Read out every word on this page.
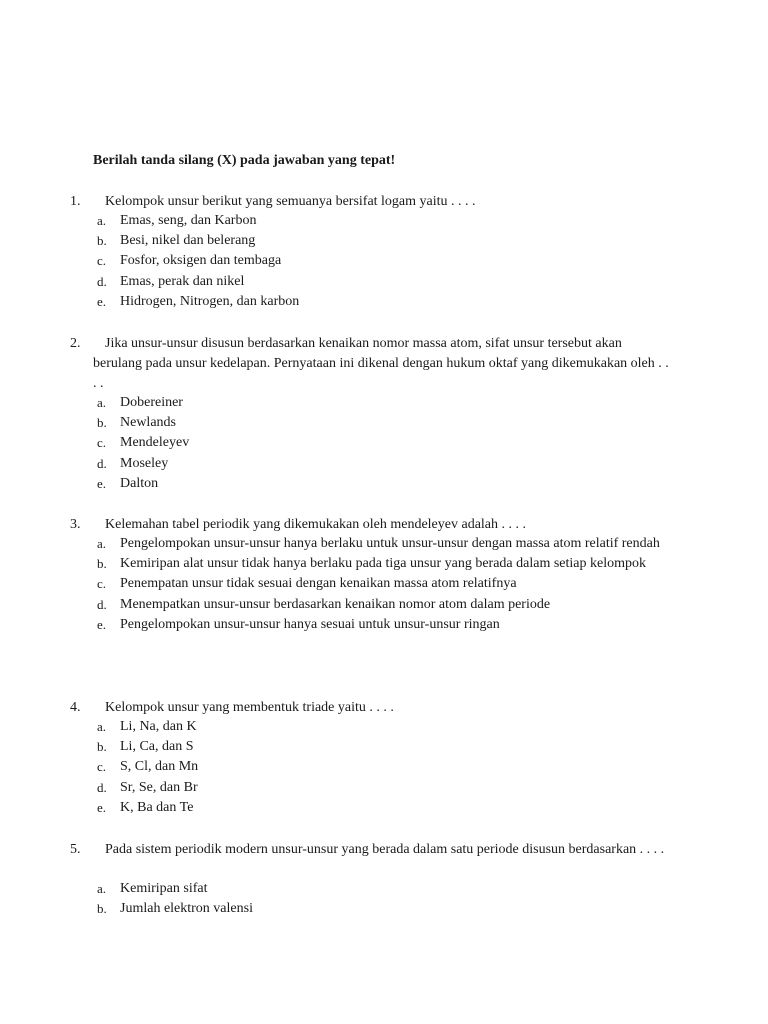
Berilah tanda silang (X) pada jawaban yang tepat!
1.	Kelompok unsur berikut yang semuanya bersifat logam yaitu . . . .
a. Emas, seng, dan Karbon
b. Besi, nikel dan belerang
c. Fosfor, oksigen dan tembaga
d. Emas, perak dan nikel
e. Hidrogen, Nitrogen, dan karbon
2.	Jika unsur-unsur disusun berdasarkan kenaikan nomor massa atom, sifat unsur tersebut akan berulang pada unsur kedelapan. Pernyataan ini dikenal dengan hukum oktaf yang dikemukakan oleh . . . .
a. Dobereiner
b. Newlands
c. Mendeleyev
d. Moseley
e. Dalton
3.	Kelemahan tabel periodik yang dikemukakan oleh mendeleyev adalah . . . .
a. Pengelompokan unsur-unsur hanya berlaku untuk unsur-unsur dengan massa atom relatif rendah
b. Kemiripan alat unsur tidak hanya berlaku pada tiga unsur yang berada dalam setiap kelompok
c. Penempatan unsur tidak sesuai dengan kenaikan massa atom relatifnya
d. Menempatkan unsur-unsur berdasarkan kenaikan nomor atom dalam periode
e. Pengelompokan unsur-unsur hanya sesuai untuk unsur-unsur ringan
4.	Kelompok unsur yang membentuk triade yaitu . . . .
a. Li, Na, dan K
b. Li, Ca, dan S
c. S, Cl, dan Mn
d. Sr, Se, dan Br
e. K, Ba dan Te
5.	Pada sistem periodik modern unsur-unsur yang berada dalam satu periode disusun berdasarkan . . . .
a. Kemiripan sifat
b. Jumlah elektron valensi
